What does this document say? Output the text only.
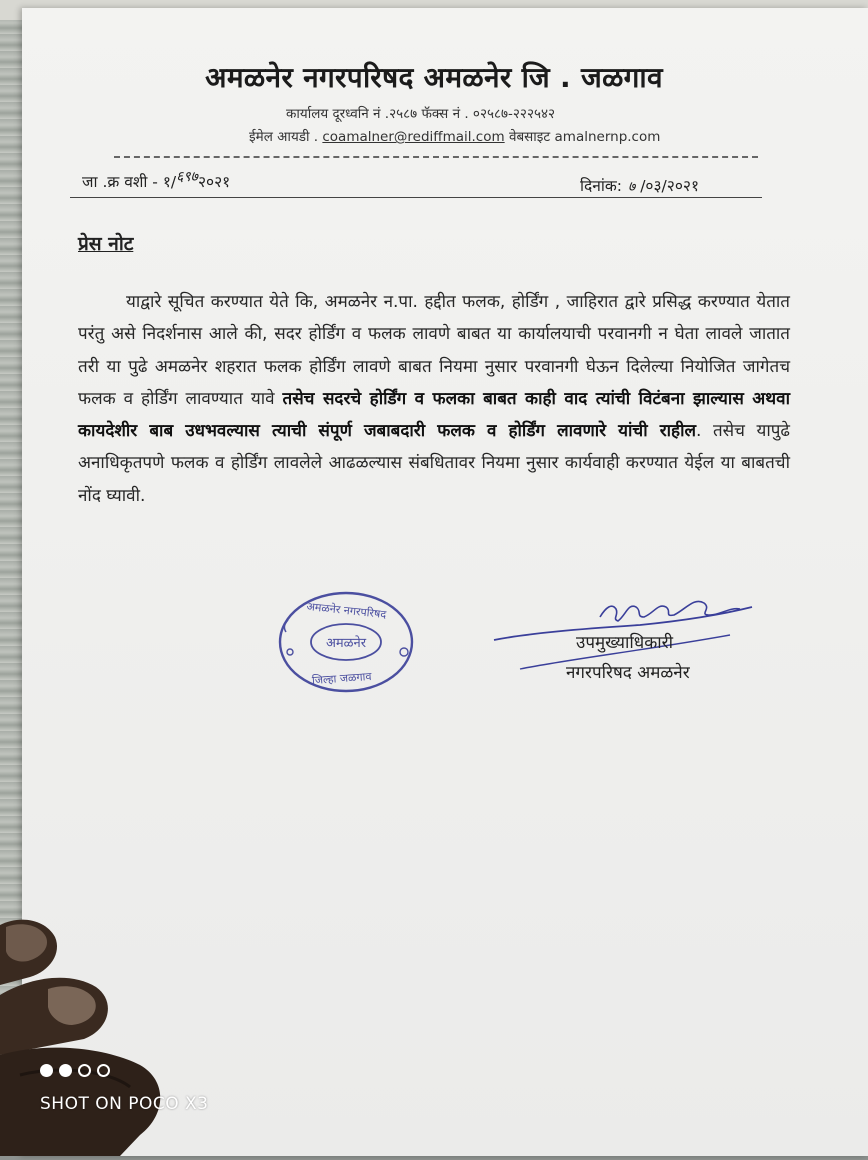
अमळनेर नगरपरिषद अमळनेर जि . जळगाव
कार्यालय दूरध्वनि नं .२५८७ फॅक्स नं . ०२५८७-२२२५४२
ईमेल आयडी . coamalner@rediffmail.com वेबसाइट amalnernp.com
जा .क्र वशी - १/६९७२०२१	दिनांक: ७ /०३/२०२१
प्रेस नोट
याद्वारे सूचित करण्यात येते कि, अमळनेर न.पा. हद्दीत फलक, होर्डिंग , जाहिरात द्वारे प्रसिद्ध करण्यात येतात परंतु असे निदर्शनास आले की, सदर होर्डिंग व फलक लावणे बाबत या कार्यालयाची परवानगी न घेता लावले जातात तरी या पुढे अमळनेर शहरात फलक होर्डिंग लावणे बाबत नियमा नुसार परवानगी घेऊन दिलेल्या नियोजित जागेतच फलक व होर्डिंग लावण्यात यावे तसेच सदरचे होर्डिंग व फलका बाबत काही वाद त्यांची विटंबना झाल्यास अथवा कायदेशीर बाब उधभवल्यास त्याची संपूर्ण जबाबदारी फलक व होर्डिंग लावणारे यांची राहील. तसेच यापुढे अनाधिकृतपणे फलक व होर्डिंग लावलेले आढळल्यास संबधितावर नियमा नुसार कार्यवाही करण्यात येईल या बाबतची नोंद घ्यावी.
अमळनेर नगरपरिषद
अमळनेर
जिल्हा जळगाव
उपमुख्याधिकारी
नगरपरिषद अमळनेर
SHOT ON POCO X3
